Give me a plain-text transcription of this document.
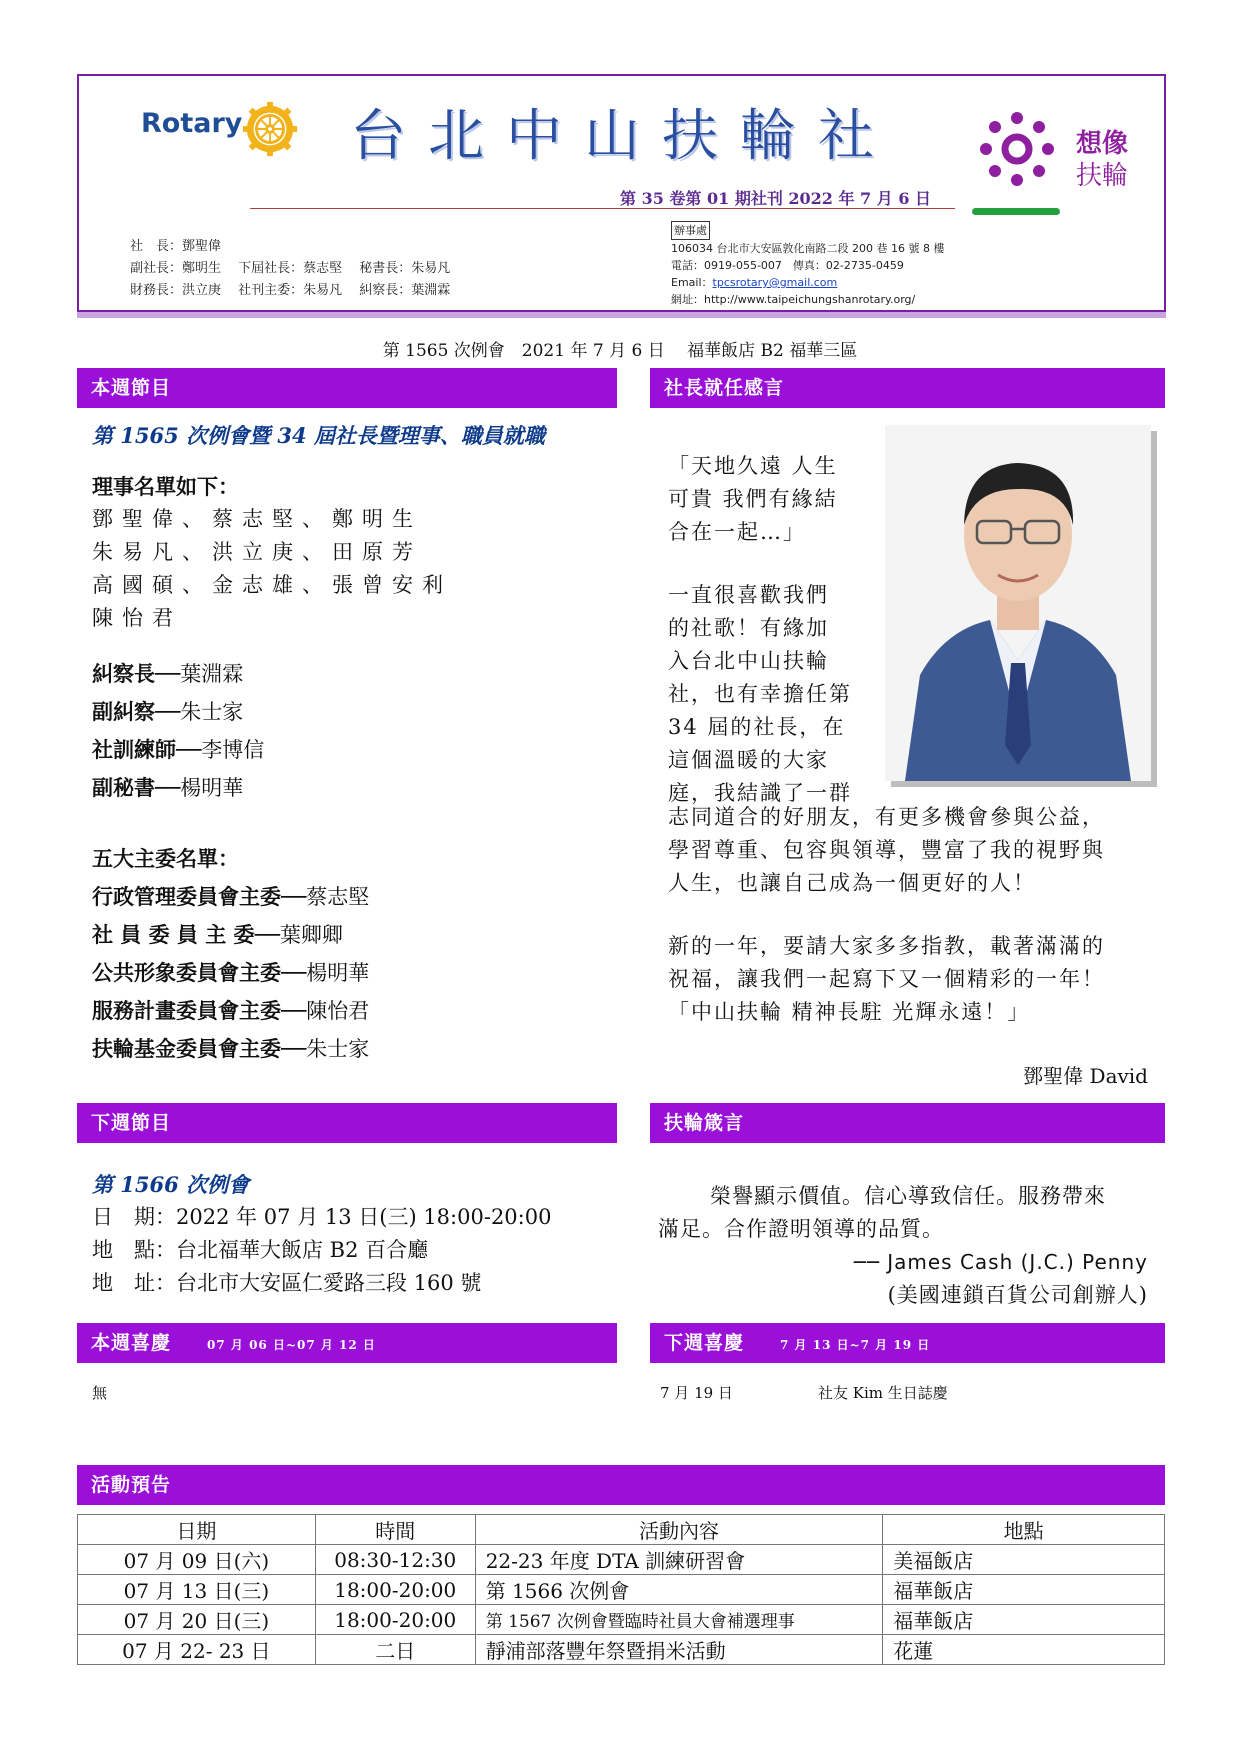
Rotary 台北中山扶輪社
第 35 卷第 01 期社刊 2022 年 7 月 6 日
想像
扶輪
社　長：鄧聖偉
副社長：鄭明生　 下屆社長：蔡志堅　 秘書長：朱易凡
財務長：洪立庚　 社刊主委：朱易凡　 糾察長：葉淵霖
辦事處
106034 台北市大安區敦化南路二段 200 巷 16 號 8 樓
電話：0919-055-007　傳真：02-2735-0459
Email：tpcsrotary@gmail.com
網址：http://www.taipeichungshanrotary.org/
第 1565 次例會　2021 年 7 月 6 日　 福華飯店 B2 福華三區
本週節目
第 1565 次例會暨 34 屆社長暨理事、職員就職
理事名單如下：
鄧聖偉、蔡志堅、鄭明生
朱易凡、洪立庚、田原芳
高國碩、金志雄、張曾安利
陳怡君
糾察長──葉淵霖
副糾察──朱士家
社訓練師──李博信
副秘書──楊明華
五大主委名單：
行政管理委員會主委──蔡志堅
社 員 委 員 主 委──葉卿卿
公共形象委員會主委──楊明華
服務計畫委員會主委──陳怡君
扶輪基金委員會主委──朱士家
社長就任感言
「天地久遠 人生
可貴 我們有緣結
合在一起…」
一直很喜歡我們
的社歌！有緣加
入台北中山扶輪
社，也有幸擔任第
34 屆的社長，在
這個溫暖的大家
庭，我結識了一群
志同道合的好朋友，有更多機會參與公益，
學習尊重、包容與領導，豐富了我的視野與
人生，也讓自己成為一個更好的人！
新的一年，要請大家多多指教，載著滿滿的
祝福，讓我們一起寫下又一個精彩的一年！
「中山扶輪 精神長駐 光輝永遠！」
鄧聖偉 David
下週節目
第 1566 次例會
日　期：2022 年 07 月 13 日(三) 18:00-20:00
地　點：台北福華大飯店 B2 百合廳
地　址：台北市大安區仁愛路三段 160 號
扶輪箴言
榮譽顯示價值。信心導致信任。服務帶來
滿足。合作證明領導的品質。
── James Cash (J.C.) Penny
(美國連鎖百貨公司創辦人)
本週喜慶	07 月 06 日~07 月 12 日
無
下週喜慶	7 月 13 日~7 月 19 日
7 月 19 日	社友 Kim 生日誌慶
活動預告
日期	時間	活動內容	地點
07 月 09 日(六)	08:30-12:30	22-23 年度 DTA 訓練研習會	美福飯店
07 月 13 日(三)	18:00-20:00	第 1566 次例會	福華飯店
07 月 20 日(三)	18:00-20:00	第 1567 次例會暨臨時社員大會補選理事	福華飯店
07 月 22- 23 日	二日	靜浦部落豐年祭暨捐米活動	花蓮
